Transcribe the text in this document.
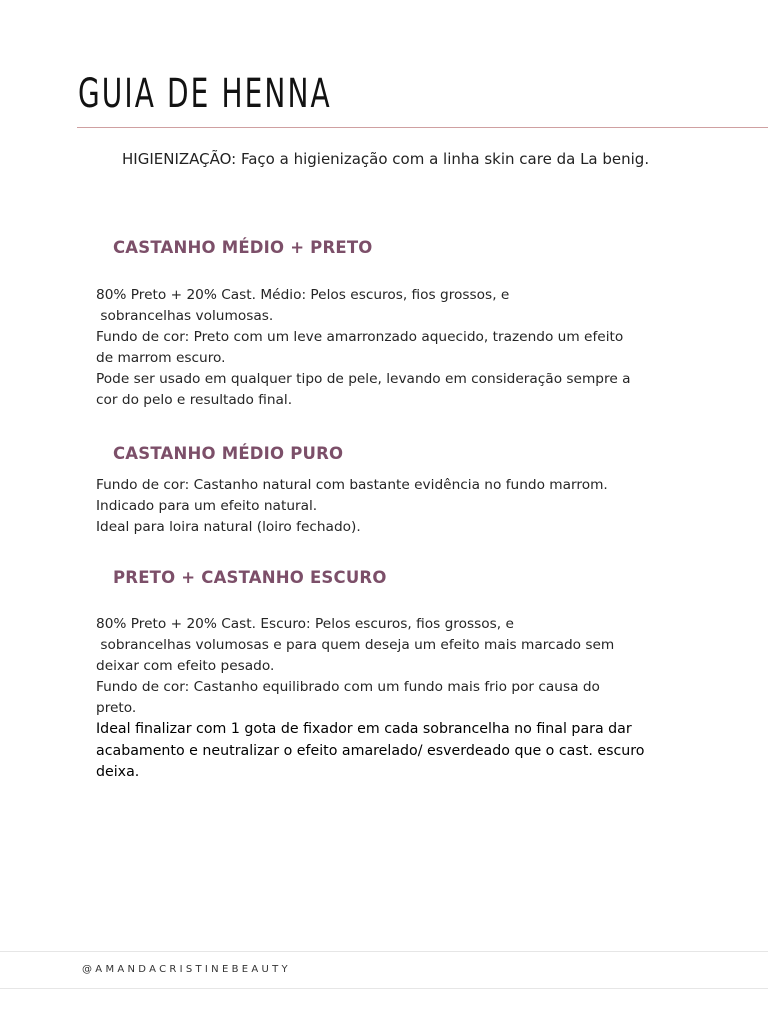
GUIA DE HENNA

HIGIENIZAÇÃO: Faço a higienização com a linha skin care da La benig.

CASTANHO MÉDIO + PRETO
80% Preto + 20% Cast. Médio: Pelos escuros, fios grossos, e
sobrancelhas volumosas.
Fundo de cor: Preto com um leve amarronzado aquecido, trazendo um efeito
de marrom escuro.
Pode ser usado em qualquer tipo de pele, levando em consideração sempre a
cor do pelo e resultado final.
CASTANHO MÉDIO PURO
Fundo de cor: Castanho natural com bastante evidência no fundo marrom.
Indicado para um efeito natural.
Ideal para loira natural (loiro fechado).
PRETO + CASTANHO ESCURO
80% Preto + 20% Cast. Escuro: Pelos escuros, fios grossos, e
sobrancelhas volumosas e para quem deseja um efeito mais marcado sem
deixar com efeito pesado.
Fundo de cor: Castanho equilibrado com um fundo mais frio por causa do
preto.
Ideal finalizar com 1 gota de fixador em cada sobrancelha no final para dar
acabamento e neutralizar o efeito amarelado/ esverdeado que o cast. escuro
deixa.

@AMANDACRISTINEBEAUTY
